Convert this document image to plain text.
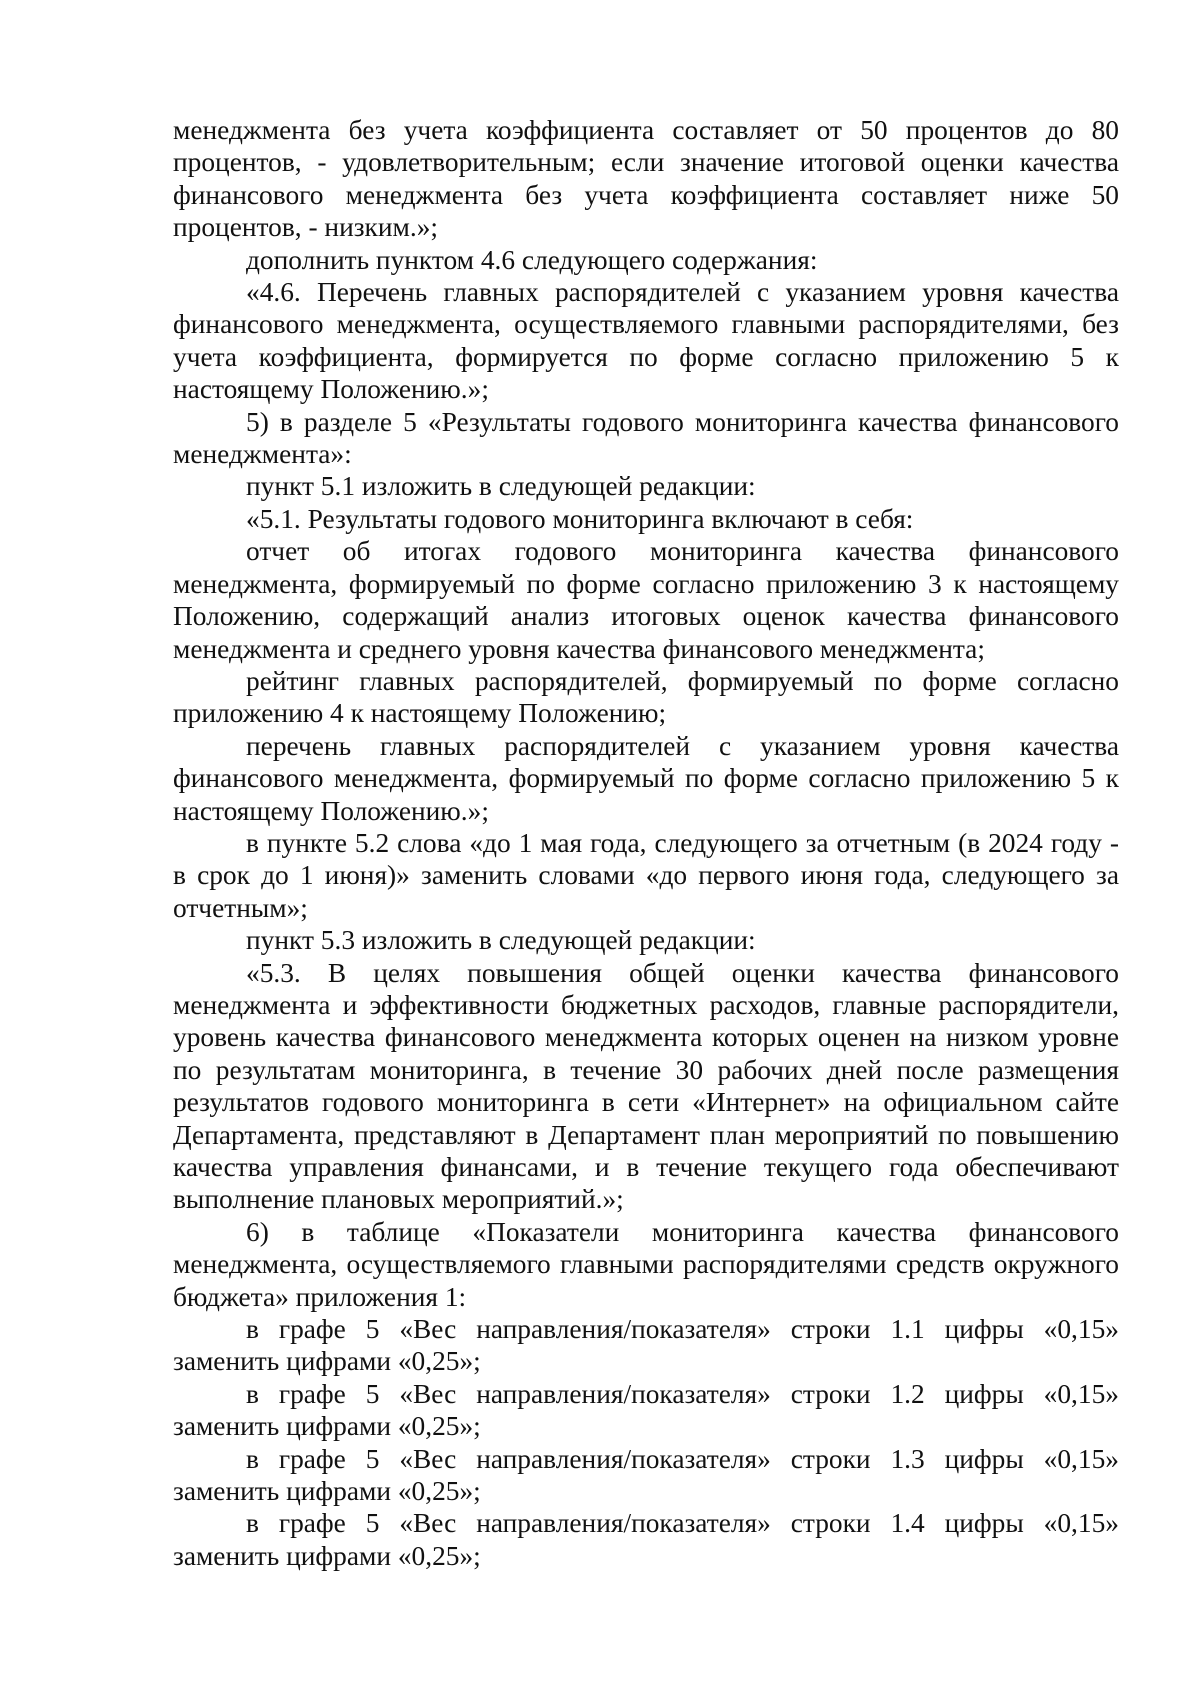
менеджмента без учета коэффициента составляет от 50 процентов до 80 процентов, - удовлетворительным; если значение итоговой оценки качества финансового менеджмента без учета коэффициента составляет ниже 50 процентов, - низким.»;

дополнить пунктом 4.6 следующего содержания:

«4.6. Перечень главных распорядителей с указанием уровня качества финансового менеджмента, осуществляемого главными распорядителями, без учета коэффициента, формируется по форме согласно приложению 5 к настоящему Положению.»;

5) в разделе 5 «Результаты годового мониторинга качества финансового менеджмента»:

пункт 5.1 изложить в следующей редакции:

«5.1. Результаты годового мониторинга включают в себя:

отчет об итогах годового мониторинга качества финансового менеджмента, формируемый по форме согласно приложению 3 к настоящему Положению, содержащий анализ итоговых оценок качества финансового менеджмента и среднего уровня качества финансового менеджмента;

рейтинг главных распорядителей, формируемый по форме согласно приложению 4 к настоящему Положению;

перечень главных распорядителей с указанием уровня качества финансового менеджмента, формируемый по форме согласно приложению 5 к настоящему Положению.»;

в пункте 5.2 слова «до 1 мая года, следующего за отчетным (в 2024 году - в срок до 1 июня)» заменить словами «до первого июня года, следующего за отчетным»;

пункт 5.3 изложить в следующей редакции:

«5.3. В целях повышения общей оценки качества финансового менеджмента и эффективности бюджетных расходов, главные распорядители, уровень качества финансового менеджмента которых оценен на низком уровне по результатам мониторинга, в течение 30 рабочих дней после размещения результатов годового мониторинга в сети «Интернет» на официальном сайте Департамента, представляют в Департамент план мероприятий по повышению качества управления финансами, и в течение текущего года обеспечивают выполнение плановых мероприятий.»;

6) в таблице «Показатели мониторинга качества финансового менеджмента, осуществляемого главными распорядителями средств окружного бюджета» приложения 1:

в графе 5 «Вес направления/показателя» строки 1.1 цифры «0,15» заменить цифрами «0,25»;

в графе 5 «Вес направления/показателя» строки 1.2 цифры «0,15» заменить цифрами «0,25»;

в графе 5 «Вес направления/показателя» строки 1.3 цифры «0,15» заменить цифрами «0,25»;

в графе 5 «Вес направления/показателя» строки 1.4 цифры «0,15» заменить цифрами «0,25»;
